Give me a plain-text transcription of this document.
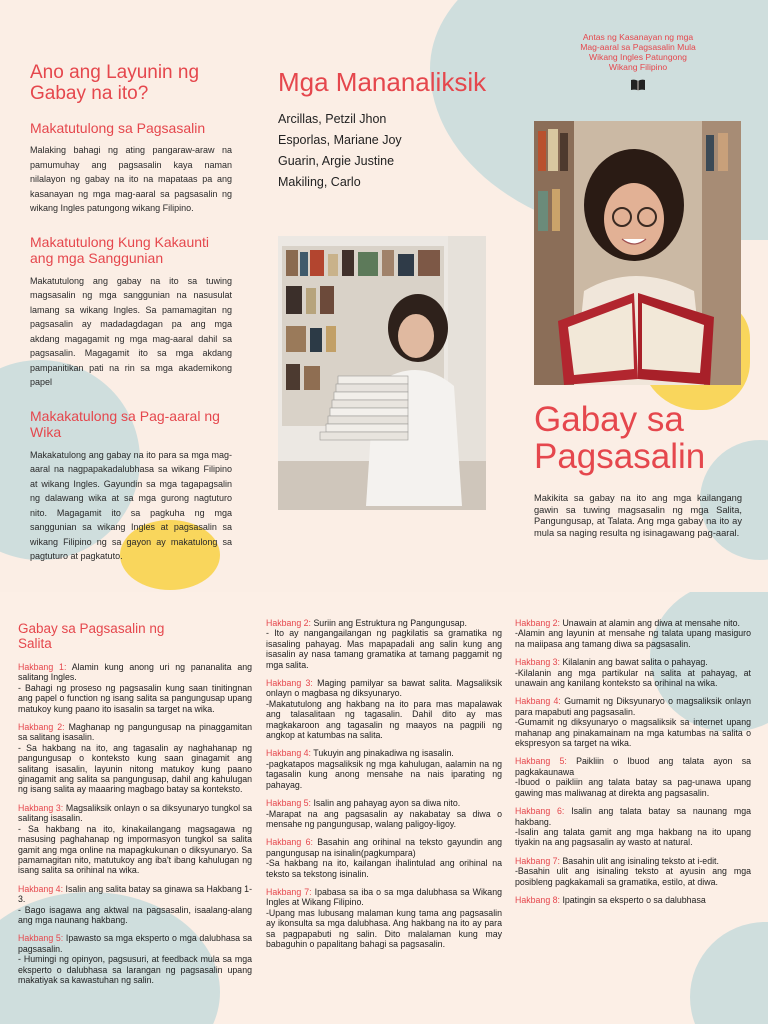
Ano ang Layunin ng Gabay na ito?
Makatutulong sa Pagsasalin

Malaking bahagi ng ating pangaraw-araw na pamumuhay ang pagsasalin kaya naman nilalayon ng gabay na ito na mapataas pa ang kasanayan ng mga mag-aaral sa pagsasalin ng wikang Ingles patungong wikang Filipino.

Makatutulong Kung Kakaunti ang mga Sanggunian

Makatutulong ang gabay na ito sa tuwing magsasalin ng mga sanggunian na nasusulat lamang sa wikang Ingles. Sa pamamagitan ng pagsasalin ay madadagdagan pa ang mga akdang magagamit ng mga mag-aaral dahil sa pagsasalin. Magagamit ito sa mga akdang pampanitikan pati na rin sa mga akademikong papel

Makakatulong sa Pag-aaral ng Wika

Makakatulong ang gabay na ito para sa mga mag-aaral na nagpapakadalubhasa sa wikang Filipino at wikang Ingles. Gayundin sa mga tagapagsalin ng dalawang wika at sa mga gurong nagtuturo nito. Magagamit ito sa pagkuha ng mga sanggunian sa wikang Ingles at pagsasalin sa wikang Filipino ng sa gayon ay makatulong sa pagtuturo at pagkatuto.

Mga Mananaliksik
Arcillas, Petzil Jhon
Esporlas, Mariane Joy
Guarin, Argie Justine
Makiling, Carlo

Antas ng Kasanayan ng mga Mag-aaral sa Pagsasalin Mula Wikang Ingles Patungong Wikang Filipino

Gabay sa Pagsasalin

Makikita sa gabay na ito ang mga kailangang gawin sa tuwing magsasalin ng mga Salita, Pangungusap, at Talata. Ang mga gabay na ito ay mula sa naging resulta ng isinagawang pag-aaral.

Gabay sa Pagsasalin ng Salita

Hakbang 1: Alamin kung anong uri ng pananalita ang salitang Ingles.
- Bahagi ng proseso ng pagsasalin kung saan tinitingnan ang papel o function ng isang salita sa pangungusap upang matukoy kung paano ito isasalin sa target na wika.

Hakbang 2: Maghanap ng pangungusap na pinaggamitan sa salitang isasalin.
- Sa hakbang na ito, ang tagasalin ay naghahanap ng pangungusap o konteksto kung saan ginagamit ang salitang isasalin, layunin nitong matukoy kung paano ginagamit ang salita sa pangungusap, dahil ang kahulugan ng isang salita ay maaaring magbago batay sa konteksto.

Hakbang 3: Magsaliksik onlayn o sa diksyunaryo tungkol sa salitang isasalin.
- Sa hakbang na ito, kinakailangang magsagawa ng masusing paghahanap ng impormasyon tungkol sa salita gamit ang mga online na mapagkukunan o diksyunaryo. Sa pamamagitan nito, matutukoy ang iba't ibang kahulugan ng isang salita sa orihinal na wika.

Hakbang 4: Isalin ang salita batay sa ginawa sa Hakbang 1-3.
- Bago isagawa ang aktwal na pagsasalin, isaalang-alang ang mga naunang hakbang.

Hakbang 5: Ipawasto sa mga eksperto o mga dalubhasa sa pagsasalin.
- Humingi ng opinyon, pagsusuri, at feedback mula sa mga eksperto o dalubhasa sa larangan ng pagsasalin upang makatiyak sa kawastuhan ng salin.

Hakbang 2: Suriin ang Estruktura ng Pangungusap.
- Ito ay nangangailangan ng pagkilatis sa gramatika ng isasaling pahayag. Mas mapapadali ang salin kung ang isasalin ay nasa tamang gramatika at tamang paggamit ng mga salita.

Hakbang 3: Maging pamilyar sa bawat salita. Magsaliksik onlayn o magbasa ng diksyunaryo.
-Makatutulong ang hakbang na ito para mas mapalawak ang talasalitaan ng tagasalin. Dahil dito ay mas magkakaroon ang tagasalin ng maayos na pagpili ng angkop at katumbas na salita.

Hakbang 4: Tukuyin ang pinakadiwa ng isasalin.
-pagkatapos magsaliksik ng mga kahulugan, aalamin na ng tagasalin kung anong mensahe na nais iparating ng pahayag.

Hakbang 5: Isalin ang pahayag ayon sa diwa nito.
-Marapat na ang pagsasalin ay nakabatay sa diwa o mensahe ng pangungusap, walang paligoy-ligoy.

Hakbang 6: Basahin ang orihinal na teksto gayundin ang pangungusap na isinalin(pagkumpara)
-Sa hakbang na ito, kailangan ihalintulad ang orihinal na teksto sa tekstong isinalin.

Hakbang 7: Ipabasa sa iba o sa mga dalubhasa sa Wikang Ingles at Wikang Filipino.
-Upang mas lubusang malaman kung tama ang pagsasalin ay ikonsulta sa mga dalubhasa. Ang hakbang na ito ay para sa pagpapabuti ng salin. Dito malalaman kung may babaguhin o papalitang bahagi sa pagsasalin.

Hakbang 2: Unawain at alamin ang diwa at mensahe nito.
-Alamin ang layunin at mensahe ng talata upang masiguro na maiipasa ang tamang diwa sa pagsasalin.

Hakbang 3: Kilalanin ang bawat salita o pahayag.
-Kilalanin ang mga partikular na salita at pahayag, at unawain ang kanilang konteksto sa orihinal na wika.

Hakbang 4: Gumamit ng Diksyunaryo o magsaliksik onlayn para mapabuti ang pagsasalin.
-Gumamit ng diksyunaryo o magsaliksik sa internet upang mahanap ang pinakamainam na mga katumbas na salita o ekspresyon sa target na wika.

Hakbang 5: Paikliin o Ibuod ang talata ayon sa pagkakaunawa
-Ibuod o paikliin ang talata batay sa pag-unawa upang gawing mas maliwanag at direkta ang pagsasalin.

Hakbang 6: Isalin ang talata batay sa naunang mga hakbang.
-Isalin ang talata gamit ang mga hakbang na ito upang tiyakin na ang pagsasalin ay wasto at natural.

Hakbang 7: Basahin ulit ang isinaling teksto at i-edit.
-Basahin ulit ang isinaling teksto at ayusin ang mga posibleng pagkakamali sa gramatika, estilo, at diwa.

Hakbang 8: Ipatingin sa eksperto o sa dalubhasa
